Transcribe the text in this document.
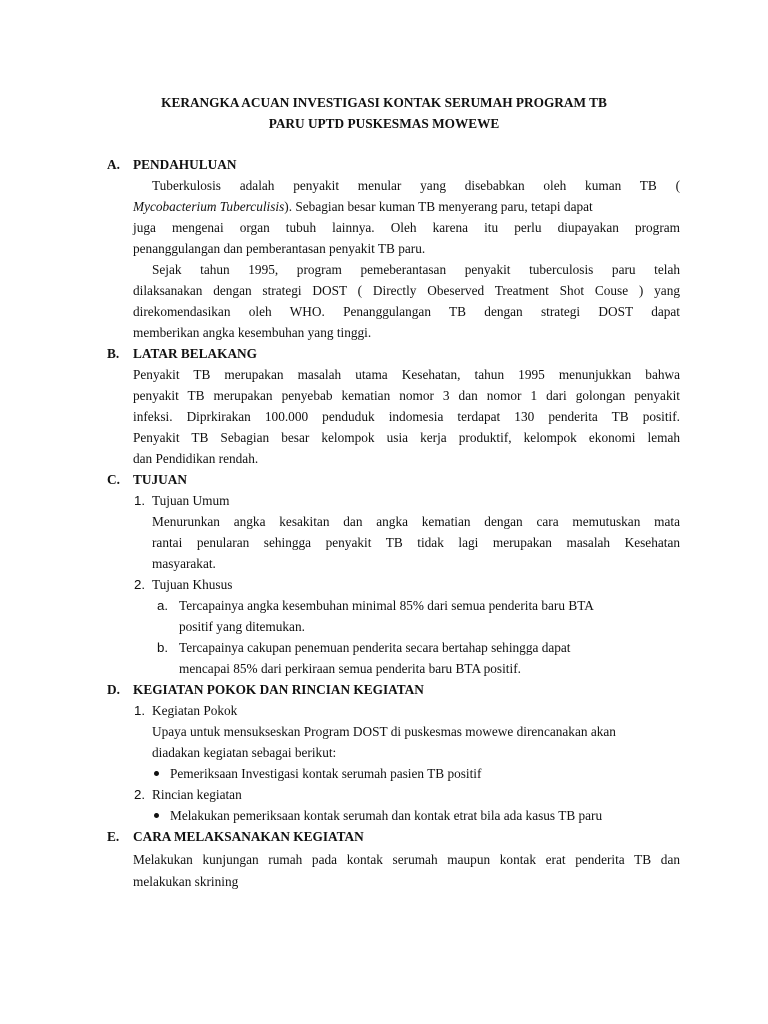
KERANGKA ACUAN INVESTIGASI KONTAK SERUMAH PROGRAM TB
PARU UPTD PUSKESMAS MOWEWE
A. PENDAHULUAN
Tuberkulosis adalah penyakit menular yang disebabkan oleh kuman TB (
Mycobacterium Tuberculisis). Sebagian besar kuman TB menyerang paru, tetapi dapat
juga mengenai organ tubuh lainnya. Oleh karena itu perlu diupayakan program
penanggulangan dan pemberantasan penyakit TB paru.
Sejak tahun 1995, program pemeberantasan penyakit tuberculosis paru telah
dilaksanakan dengan strategi DOST ( Directly Obeserved Treatment Shot Couse ) yang
direkomendasikan oleh WHO. Penanggulangan TB dengan strategi DOST dapat
memberikan angka kesembuhan yang tinggi.
B. LATAR BELAKANG
Penyakit TB merupakan masalah utama Kesehatan, tahun 1995 menunjukkan bahwa
penyakit TB merupakan penyebab kematian nomor 3 dan nomor 1 dari golongan penyakit
infeksi. Diprkirakan 100.000 penduduk indomesia terdapat 130 penderita TB positif.
Penyakit TB Sebagian besar kelompok usia kerja produktif, kelompok ekonomi lemah
dan Pendidikan rendah.
C. TUJUAN
1. Tujuan Umum
Menurunkan angka kesakitan dan angka kematian dengan cara memutuskan mata
rantai penularan sehingga penyakit TB tidak lagi merupakan masalah Kesehatan
masyarakat.
2. Tujuan Khusus
a. Tercapainya angka kesembuhan minimal 85% dari semua penderita baru BTA
positif yang ditemukan.
b. Tercapainya cakupan penemuan penderita secara bertahap sehingga dapat
mencapai 85% dari perkiraan semua penderita baru BTA positif.
D. KEGIATAN POKOK DAN RINCIAN KEGIATAN
1. Kegiatan Pokok
Upaya untuk mensukseskan Program DOST di puskesmas mowewe direncanakan akan
diadakan kegiatan sebagai berikut:
Pemeriksaan Investigasi kontak serumah pasien TB positif
2. Rincian kegiatan
Melakukan pemeriksaan kontak serumah dan kontak etrat bila ada kasus TB paru
E. CARA MELAKSANAKAN KEGIATAN
Melakukan kunjungan rumah pada kontak serumah maupun kontak erat penderita TB dan
melakukan skrining
